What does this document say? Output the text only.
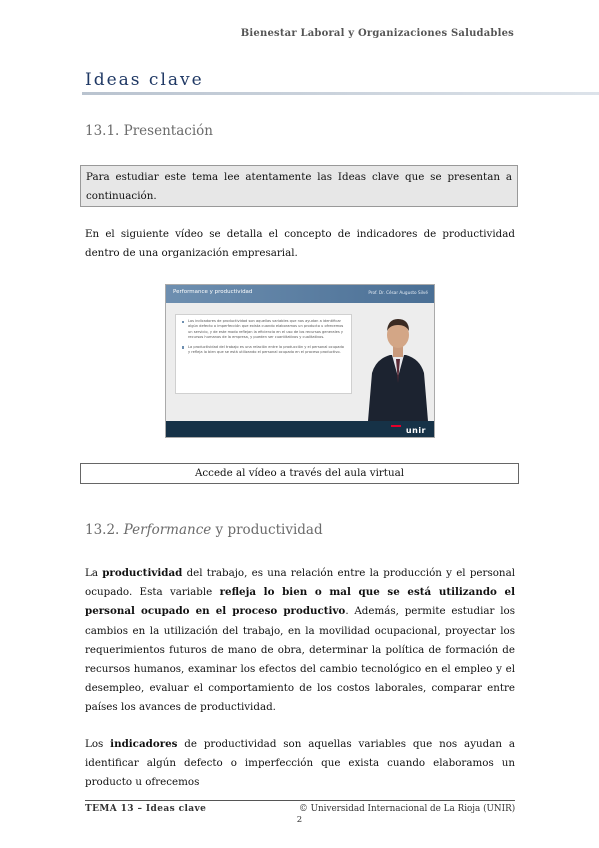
Bienestar Laboral y Organizaciones Saludables
Ideas clave
13.1. Presentación
Para estudiar este tema lee atentamente las Ideas clave que se presentan a continuación.
En el siguiente vídeo se detalla el concepto de indicadores de productividad dentro de una organización empresarial.
Performance y productividad	Prof. Dr. César Augusto Silvé
Los indicadores de productividad son aquellas variables que nos ayudan a identificar algún defecto o imperfección que exista cuando elaboramos un producto u ofrecemos un servicio, y de este modo reflejan la eficiencia en el uso de los recursos generales y recursos humanos de la empresa, y pueden ser cuantitativos y cualitativos.
La productividad del trabajo es una relación entre la producción y el personal ocupado y refleja lo bien que se está utilizando el personal ocupado en el proceso productivo.
unir
Accede al vídeo a través del aula virtual
13.2. Performance y productividad
La productividad del trabajo, es una relación entre la producción y el personal ocupado. Esta variable refleja lo bien o mal que se está utilizando el personal ocupado en el proceso productivo. Además, permite estudiar los cambios en la utilización del trabajo, en la movilidad ocupacional, proyectar los requerimientos futuros de mano de obra, determinar la política de formación de recursos humanos, examinar los efectos del cambio tecnológico en el empleo y el desempleo, evaluar el comportamiento de los costos laborales, comparar entre países los avances de productividad.
Los indicadores de productividad son aquellas variables que nos ayudan a identificar algún defecto o imperfección que exista cuando elaboramos un producto u ofrecemos
TEMA 13 – Ideas clave	© Universidad Internacional de La Rioja (UNIR)
2
